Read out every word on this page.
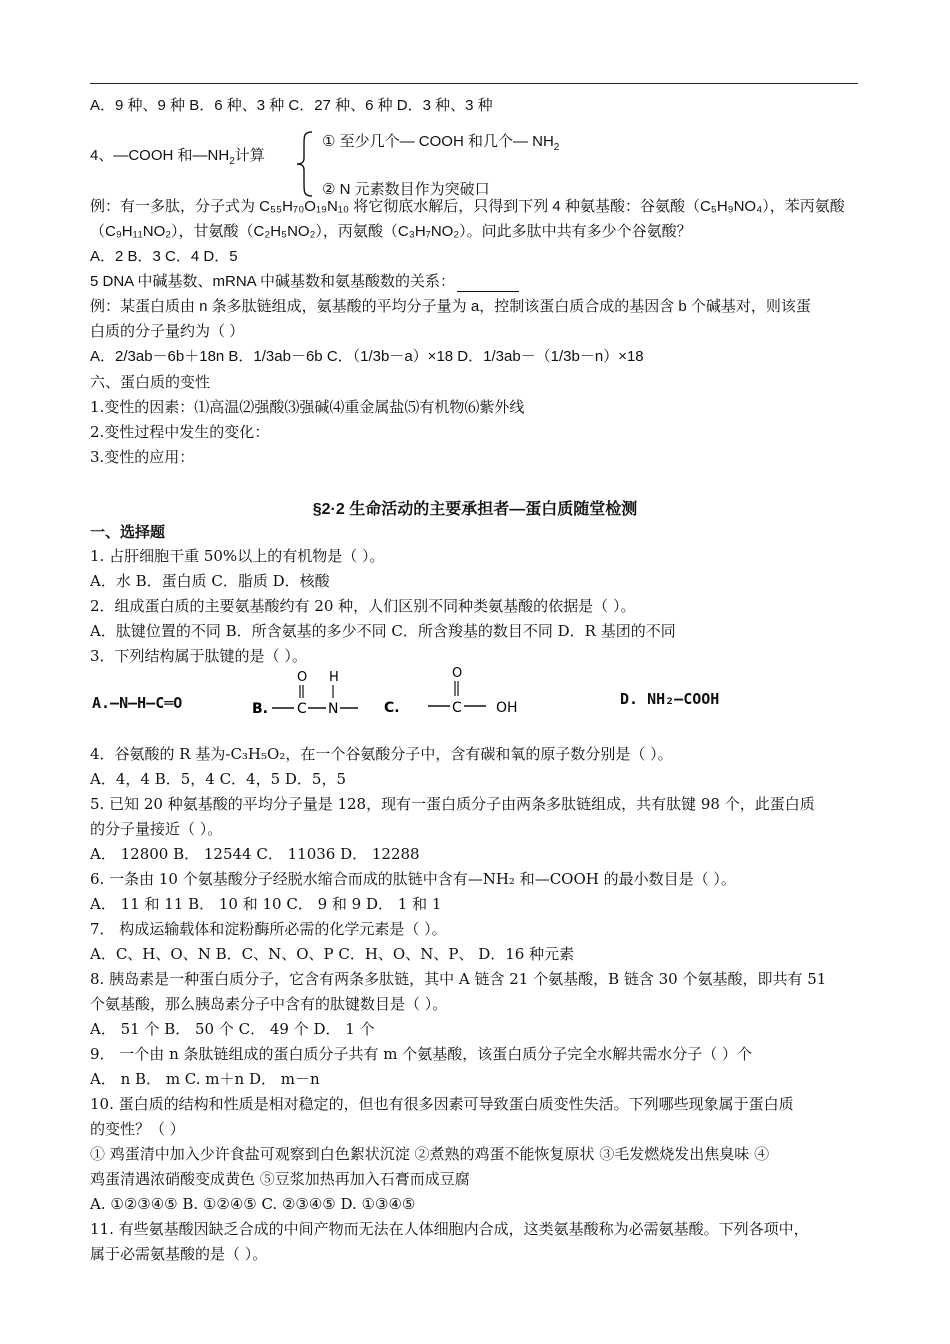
A．9 种、9 种 B．6 种、3 种 C．27 种、6 种 D．3 种、3 种
4、—COOH 和$—NH_2$计算
① 至少几个— COOH 和几个— $NH_2$
② N 元素数目作为突破口
例：有一多肽，分子式为 C₅₅H₇₀O₁₉N₁₀ 将它彻底水解后，只得到下列 4 种氨基酸：谷氨酸（C₅H₉NO₄），苯丙氨酸
（C₉H₁₁NO₂），甘氨酸（C₂H₅NO₂），丙氨酸（C₃H₇NO₂）。问此多肽中共有多少个谷氨酸？
A．2 B．3 C．4 D．5
5 DNA 中碱基数、mRNA 中碱基数和氨基酸数的关系：
例：某蛋白质由 n 条多肽链组成，氨基酸的平均分子量为 a，控制该蛋白质合成的基因含 b 个碱基对，则该蛋
白质的分子量约为（ ）
A．2/3ab－6b＋18n B．1/3ab－6b C．（1/3b－a）×18 D．1/3ab－（1/3b－n）×18
六、蛋白质的变性
1.变性的因素：⑴高温⑵强酸⑶强碱⑷重金属盐⑸有机物⑹紫外线
2.变性过程中发生的变化：
3.变性的应用：
§2·2 生命活动的主要承担者—蛋白质随堂检测
一、选择题
1. 占肝细胞干重 50%以上的有机物是（ ）。
A．水 B．蛋白质 C．脂质 D．核酸
2．组成蛋白质的主要氨基酸约有 20 种，人们区别不同种类氨基酸的依据是（ ）。
A．肽键位置的不同 B．所含氨基的多少不同 C．所含羧基的数目不同 D．R 基团的不同
3．下列结构属于肽键的是（ ）。
A.—N—H—C═O	B. C N
O H
C.	C OH
O
D. NH₂—COOH
4．谷氨酸的 R 基为-C₃H₅O₂，在一个谷氨酸分子中，含有碳和氧的原子数分别是（ ）。
A．4，4 B．5，4 C．4，5 D．5，5
5. 已知 20 种氨基酸的平均分子量是 128，现有一蛋白质分子由两条多肽链组成，共有肽键 98 个，此蛋白质
的分子量接近（ ）。
A． 12800 B． 12544 C． 11036 D． 12288
6. 一条由 10 个氨基酸分子经脱水缩合而成的肽链中含有—NH₂ 和—COOH 的最小数目是（ ）。
A． 11 和 11 B． 10 和 10 C． 9 和 9 D． 1 和 1
7． 构成运输载体和淀粉酶所必需的化学元素是（ ）。
A．C、H、O、N B．C、N、O、P C．H、O、N、P、 D．16 种元素
8. 胰岛素是一种蛋白质分子，它含有两条多肽链，其中 A 链含 21 个氨基酸，B 链含 30 个氨基酸，即共有 51
个氨基酸，那么胰岛素分子中含有的肽键数目是（ ）。
A． 51 个 B． 50 个 C． 49 个 D． 1 个
9． 一个由 n 条肽链组成的蛋白质分子共有 m 个氨基酸，该蛋白质分子完全水解共需水分子（ ）个
A． n B． m C. m＋n D． m－n
10. 蛋白质的结构和性质是相对稳定的，但也有很多因素可导致蛋白质变性失活。下列哪些现象属于蛋白质
的变性？（ ）
① 鸡蛋清中加入少许食盐可观察到白色絮状沉淀 ②煮熟的鸡蛋不能恢复原状 ③毛发燃烧发出焦臭味 ④
鸡蛋清遇浓硝酸变成黄色 ⑤豆浆加热再加入石膏而成豆腐
A. ①②③④⑤ B. ①②④⑤ C. ②③④⑤ D. ①③④⑤
11. 有些氨基酸因缺乏合成的中间产物而无法在人体细胞内合成，这类氨基酸称为必需氨基酸。下列各项中，
属于必需氨基酸的是（ ）。
